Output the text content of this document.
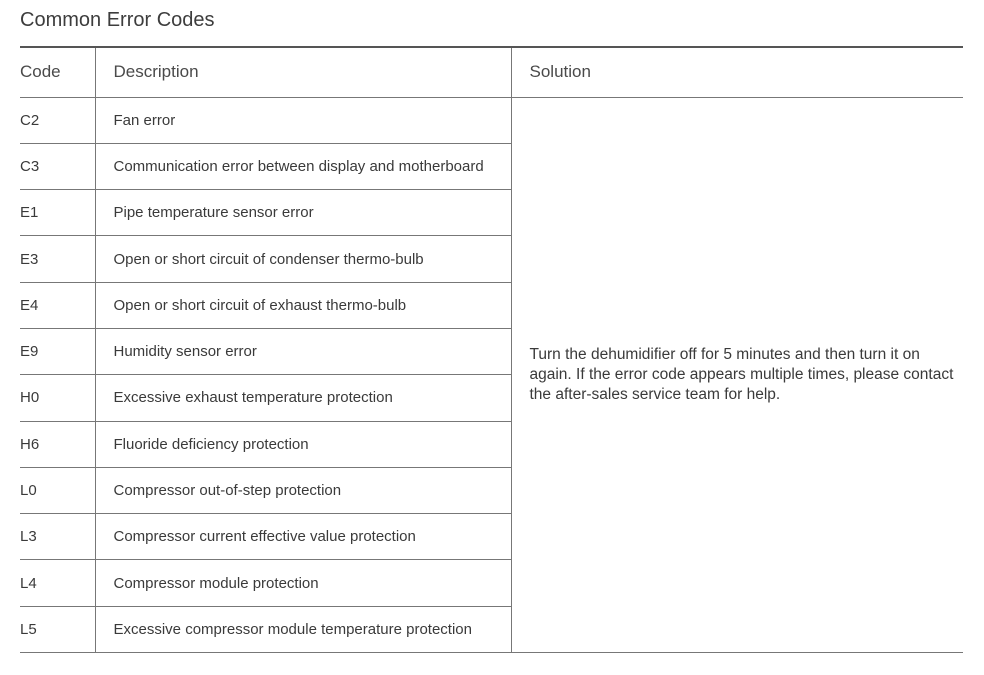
Common Error Codes
Code	Description	Solution
C2	Fan error	Turn the dehumidifier off for 5 minutes and then turn it on again. If the error code appears multiple times, please contact the after-sales service team for help.
C3	Communication error between display and motherboard	
E1	Pipe temperature sensor error	
E3	Open or short circuit of condenser thermo-bulb	
E4	Open or short circuit of exhaust thermo-bulb	
E9	Humidity sensor error	
H0	Excessive exhaust temperature protection	
H6	Fluoride deficiency protection	
L0	Compressor out-of-step protection	
L3	Compressor current effective value protection	
L4	Compressor module protection	
L5	Excessive compressor module temperature protection	
